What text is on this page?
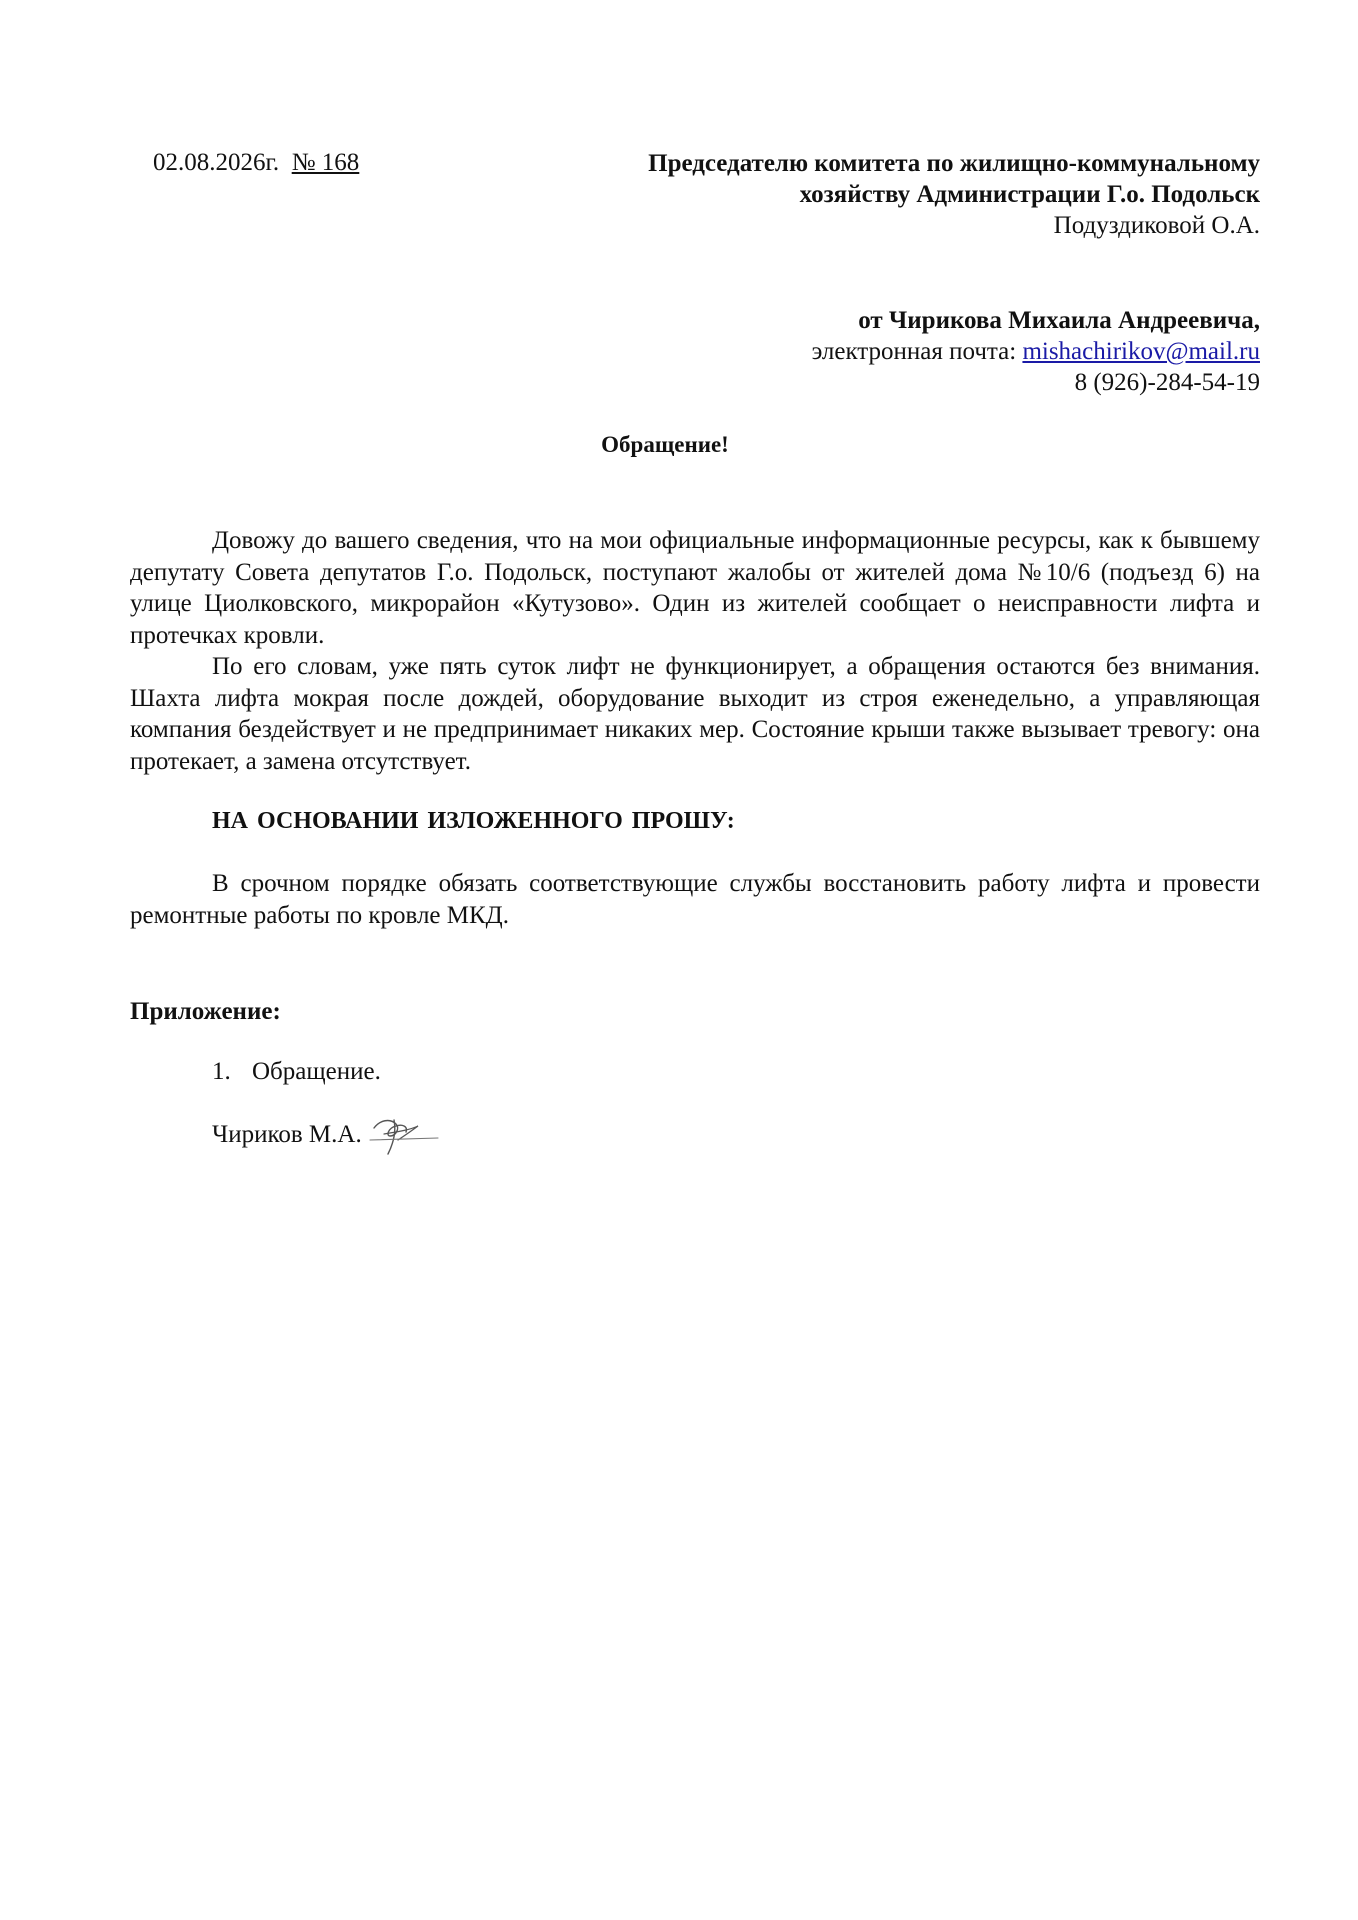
02.08.2026г. № 168	Председателю комитета по жилищно-коммунальному
хозяйству Администрации Г.о. Подольск
Подуздиковой О.А.
от Чирикова Михаила Андреевича,
электронная почта: mishachirikov@mail.ru
8 (926)-284-54-19
Обращение!

Довожу до вашего сведения, что на мои официальные информационные ресурсы, как к бывшему депутату Совета депутатов Г.о. Подольск, поступают жалобы от жителей дома №10/6 (подъезд 6) на улице Циолковского, микрорайон «Кутузово». Один из жителей сообщает о неисправности лифта и протечках кровли.

По его словам, уже пять суток лифт не функционирует, а обращения остаются без внимания. Шахта лифта мокрая после дождей, оборудование выходит из строя еженедельно, а управляющая компания бездействует и не предпринимает никаких мер. Состояние крыши также вызывает тревогу: она протекает, а замена отсутствует.

НА ОСНОВАНИИ ИЗЛОЖЕННОГО ПРОШУ:

В срочном порядке обязать соответствующие службы восстановить работу лифта и провести ремонтные работы по кровле МКД.

Приложение:
1. Обращение.
Чириков М.А.
